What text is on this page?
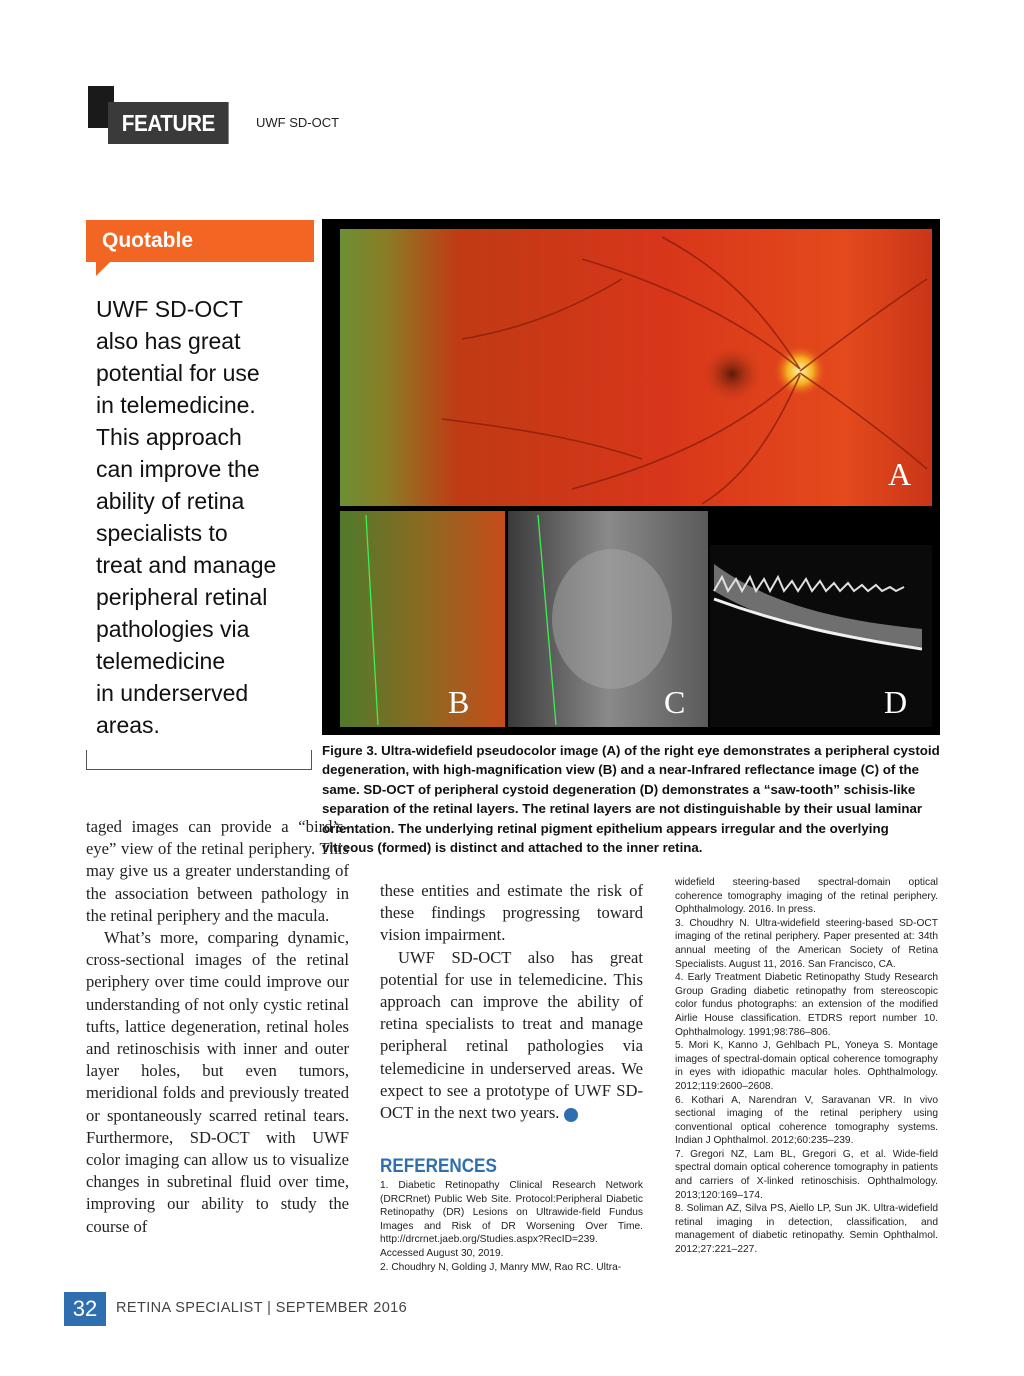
FEATURE	UWF SD-OCT
Quotable
UWF SD-OCT
also has great
potential for use
in telemedicine.
This approach
can improve the
ability of retina
specialists to
treat and manage
peripheral retinal
pathologies via
telemedicine
in underserved
areas.
A
B	C	D
Figure 3. Ultra-widefield pseudocolor image (A) of the right eye demonstrates a peripheral cystoid degeneration, with high-magnification view (B) and a near-Infrared reflectance image (C) of the same. SD-OCT of peripheral cystoid degeneration (D) demonstrates a “saw-tooth” schisis-like separation of the retinal layers. The retinal layers are not distinguishable by their usual laminar orientation. The underlying retinal pigment epithelium appears irregular and the overlying vitreous (formed) is distinct and attached to the inner retina.

taged images can provide a “bird’s-eye” view of the retinal periphery. This may give us a greater understanding of the association between pathology in the retinal periphery and the macula.

What’s more, comparing dynamic, cross-sectional images of the retinal periphery over time could improve our understanding of not only cystic retinal tufts, lattice degeneration, retinal holes and retinoschisis with inner and outer layer holes, but even tumors, meridional folds and previously treated or spontaneously scarred retinal tears. Furthermore, SD-OCT with UWF color imaging can allow us to visualize changes in subretinal fluid over time, improving our ability to study the course of

these entities and estimate the risk of these findings progressing toward vision impairment.

UWF SD-OCT also has great potential for use in telemedicine. This approach can improve the ability of retina specialists to treat and manage peripheral retinal pathologies via telemedicine in underserved areas. We expect to see a prototype of UWF SD-OCT in the next two years.	RS

REFERENCES

1. Diabetic Retinopathy Clinical Research Network (DRCRnet) Public Web Site. Protocol:Peripheral Diabetic Retinopathy (DR) Lesions on Ultrawide-field Fundus Images and Risk of DR Worsening Over Time. http://drcrnet.jaeb.org/Studies.aspx?RecID=239. Accessed August 30, 2019.

2. Choudhry N, Golding J, Manry MW, Rao RC. Ultra-

widefield steering-based spectral-domain optical coherence tomography imaging of the retinal periphery. Ophthalmology. 2016. In press.

3. Choudhry N. Ultra-widefield steering-based SD-OCT imaging of the retinal periphery. Paper presented at: 34th annual meeting of the American Society of Retina Specialists. August 11, 2016. San Francisco, CA.

4. Early Treatment Diabetic Retinopathy Study Research Group Grading diabetic retinopathy from stereoscopic color fundus photographs: an extension of the modified Airlie House classification. ETDRS report number 10. Ophthalmology. 1991;98:786–806.

5. Mori K, Kanno J, Gehlbach PL, Yoneya S. Montage images of spectral-domain optical coherence tomography in eyes with idiopathic macular holes. Ophthalmology. 2012;119:2600–2608.

6. Kothari A, Narendran V, Saravanan VR. In vivo sectional imaging of the retinal periphery using conventional optical coherence tomography systems. Indian J Ophthalmol. 2012;60:235–239.

7. Gregori NZ, Lam BL, Gregori G, et al. Wide-field spectral domain optical coherence tomography in patients and carriers of X-linked retinoschisis. Ophthalmology. 2013;120:169–174.

8. Soliman AZ, Silva PS, Aiello LP, Sun JK. Ultra-widefield retinal imaging in detection, classification, and management of diabetic retinopathy. Semin Ophthalmol. 2012;27:221–227.

32	RETINA SPECIALIST | SEPTEMBER 2016
